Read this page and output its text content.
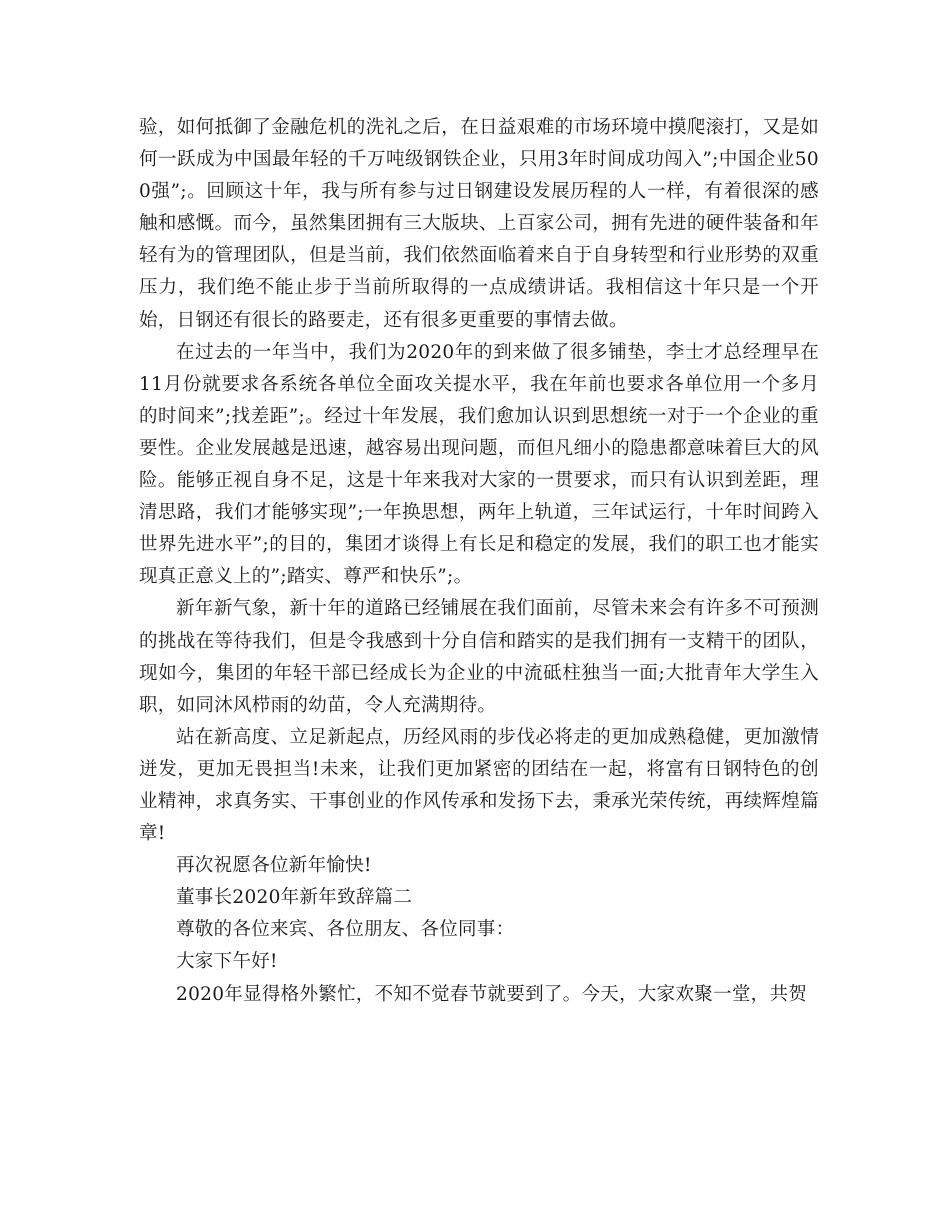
验，如何抵御了金融危机的洗礼之后，在日益艰难的市场环境中摸爬滚打，又是如何一跃成为中国最年轻的千万吨级钢铁企业，只用3年时间成功闯入”;中国企业500强”;。回顾这十年，我与所有参与过日钢建设发展历程的人一样，有着很深的感触和感慨。而今，虽然集团拥有三大版块、上百家公司，拥有先进的硬件装备和年轻有为的管理团队，但是当前，我们依然面临着来自于自身转型和行业形势的双重压力，我们绝不能止步于当前所取得的一点成绩讲话。我相信这十年只是一个开始，日钢还有很长的路要走，还有很多更重要的事情去做。

在过去的一年当中，我们为2020年的到来做了很多铺垫，李士才总经理早在11月份就要求各系统各单位全面攻关提水平，我在年前也要求各单位用一个多月的时间来”;找差距”;。经过十年发展，我们愈加认识到思想统一对于一个企业的重要性。企业发展越是迅速，越容易出现问题，而但凡细小的隐患都意味着巨大的风险。能够正视自身不足，这是十年来我对大家的一贯要求，而只有认识到差距，理清思路，我们才能够实现”;一年换思想，两年上轨道，三年试运行，十年时间跨入世界先进水平”;的目的，集团才谈得上有长足和稳定的发展，我们的职工也才能实现真正意义上的”;踏实、尊严和快乐”;。

新年新气象，新十年的道路已经铺展在我们面前，尽管未来会有许多不可预测的挑战在等待我们，但是令我感到十分自信和踏实的是我们拥有一支精干的团队，现如今，集团的年轻干部已经成长为企业的中流砥柱独当一面;大批青年大学生入职，如同沐风栉雨的幼苗，令人充满期待。

站在新高度、立足新起点，历经风雨的步伐必将走的更加成熟稳健，更加激情迸发，更加无畏担当!未来，让我们更加紧密的团结在一起，将富有日钢特色的创业精神，求真务实、干事创业的作风传承和发扬下去，秉承光荣传统，再续辉煌篇章!

再次祝愿各位新年愉快!

董事长2020年新年致辞篇二

尊敬的各位来宾、各位朋友、各位同事：

大家下午好!

2020年显得格外繁忙，不知不觉春节就要到了。今天，大家欢聚一堂，共贺
